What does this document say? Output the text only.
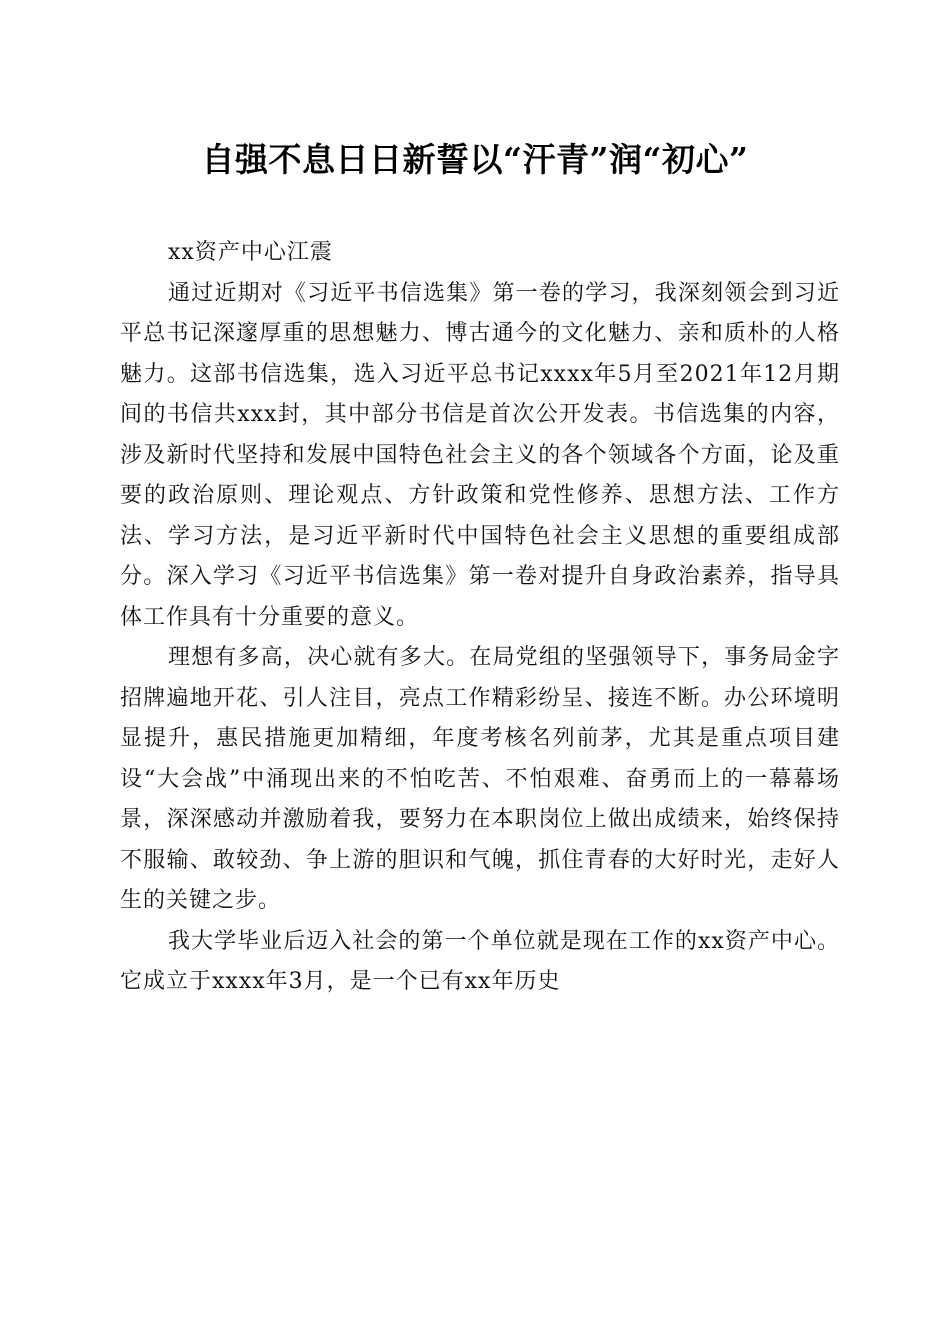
自强不息日日新誓以“汗青”润“初心”

xx资产中心江震

通过近期对《习近平书信选集》第一卷的学习，我深刻领会到习近平总书记深邃厚重的思想魅力、博古通今的文化魅力、亲和质朴的人格魅力。这部书信选集，选入习近平总书记xxxx年5月至2021年12月期间的书信共xxx封，其中部分书信是首次公开发表。书信选集的内容，涉及新时代坚持和发展中国特色社会主义的各个领域各个方面，论及重要的政治原则、理论观点、方针政策和党性修养、思想方法、工作方法、学习方法，是习近平新时代中国特色社会主义思想的重要组成部分。深入学习《习近平书信选集》第一卷对提升自身政治素养，指导具体工作具有十分重要的意义。

理想有多高，决心就有多大。在局党组的坚强领导下，事务局金字招牌遍地开花、引人注目，亮点工作精彩纷呈、接连不断。办公环境明显提升，惠民措施更加精细，年度考核名列前茅，尤其是重点项目建设“大会战”中涌现出来的不怕吃苦、不怕艰难、奋勇而上的一幕幕场景，深深感动并激励着我，要努力在本职岗位上做出成绩来，始终保持不服输、敢较劲、争上游的胆识和气魄，抓住青春的大好时光，走好人生的关键之步。

我大学毕业后迈入社会的第一个单位就是现在工作的xx资产中心。它成立于xxxx年3月，是一个已有xx年历史
